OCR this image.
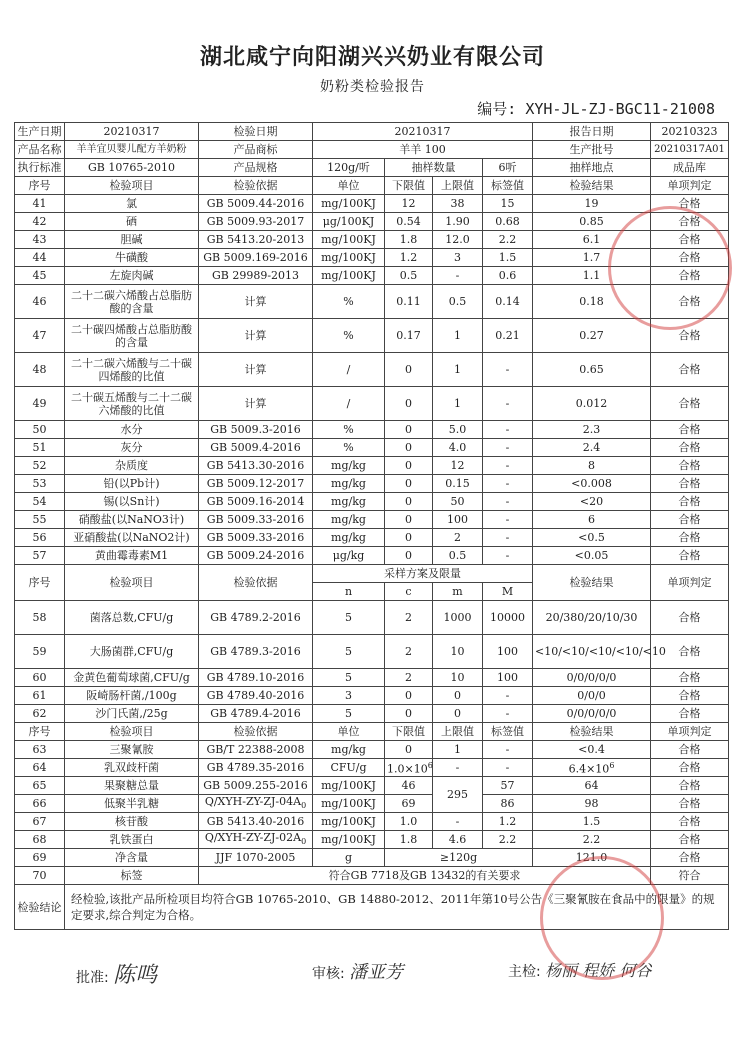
湖北咸宁向阳湖兴兴奶业有限公司
奶粉类检验报告
编号: XYH-JL-ZJ-BGC11-21008
生产日期	20210317	检验日期	20210317				报告日期	20210323
产品名称	羊羊宜贝婴儿配方羊奶粉	产品商标	羊羊 100				生产批号	20210317A01
执行标准	GB 10765-2010	产品规格	120g/听	抽样数量		6听	抽样地点	成品库
序号	检验项目	检验依据	单位	下限值	上限值	标签值	检验结果	单项判定
41	氯	GB 5009.44-2016	mg/100KJ	12	38	15	19	合格
42	硒	GB 5009.93-2017	μg/100KJ	0.54	1.90	0.68	0.85	合格
43	胆碱	GB 5413.20-2013	mg/100KJ	1.8	12.0	2.2	6.1	合格
44	牛磺酸	GB 5009.169-2016	mg/100KJ	1.2	3	1.5	1.7	合格
45	左旋肉碱	GB 29989-2013	mg/100KJ	0.5	-	0.6	1.1	合格
46	二十二碳六烯酸占总脂肪酸的含量	计算	%	0.11	0.5	0.14	0.18	合格
47	二十碳四烯酸占总脂肪酸的含量	计算	%	0.17	1	0.21	0.27	合格
48	二十二碳六烯酸与二十碳四烯酸的比值	计算	/	0	1	-	0.65	合格
49	二十碳五烯酸与二十二碳六烯酸的比值	计算	/	0	1	-	0.012	合格
50	水分	GB 5009.3-2016	%	0	5.0	-	2.3	合格
51	灰分	GB 5009.4-2016	%	0	4.0	-	2.4	合格
52	杂质度	GB 5413.30-2016	mg/kg	0	12	-	8	合格
53	铅(以Pb计)	GB 5009.12-2017	mg/kg	0	0.15	-	<0.008	合格
54	锡(以Sn计)	GB 5009.16-2014	mg/kg	0	50	-	<20	合格
55	硝酸盐(以NaNO3计)	GB 5009.33-2016	mg/kg	0	100	-	6	合格
56	亚硝酸盐(以NaNO2计)	GB 5009.33-2016	mg/kg	0	2	-	<0.5	合格
57	黄曲霉毒素M1	GB 5009.24-2016	μg/kg	0	0.5	-	<0.05	合格
序号	检验项目	检验依据	采样方案及限量				检验结果	单项判定
			n	c	m	M		
58	菌落总数,CFU/g	GB 4789.2-2016	5	2	1000	10000	20/380/20/10/30	合格
59	大肠菌群,CFU/g	GB 4789.3-2016	5	2	10	100	<10/<10/<10/<10/<10	合格
60	金黄色葡萄球菌,CFU/g	GB 4789.10-2016	5	2	10	100	0/0/0/0/0	合格
61	阪崎肠杆菌,/100g	GB 4789.40-2016	3	0	0	-	0/0/0	合格
62	沙门氏菌,/25g	GB 4789.4-2016	5	0	0	-	0/0/0/0/0	合格
序号	检验项目	检验依据	单位	下限值	上限值	标签值	检验结果	单项判定
63	三聚氰胺	GB/T 22388-2008	mg/kg	0	1	-	<0.4	合格
64	乳双歧杆菌	GB 4789.35-2016	CFU/g	$1.0\times 10^6$	-	-	$6.4\times 10^6$	合格
65	果聚糖总量	GB 5009.255-2016	mg/100KJ	46	295	57	64	合格
66	低聚半乳糖	$Q/XYH-ZY-ZJ-04A_0$	mg/100KJ	69		86	98	合格
67	核苷酸	GB 5413.40-2016	mg/100KJ	1.0	-	1.2	1.5	合格
68	乳铁蛋白	$Q/XYH-ZY-ZJ-02A_0$	mg/100KJ	1.8	4.6	2.2	2.2	合格
69	净含量	JJF 1070-2005	g	≥120g			121.0	合格
70	标签	符合GB 7718及GB 13432的有关要求						符合
检验结论	经检验,该批产品所检项目均符合GB 10765-2010、GB 14880-2012、2011年第10号公告《三聚氰胺在食品中的限量》的规定要求,综合判定为合格。							
批准: 陈鸣	审核: 潘亚芳	主检: 杨丽 程娇 何谷
